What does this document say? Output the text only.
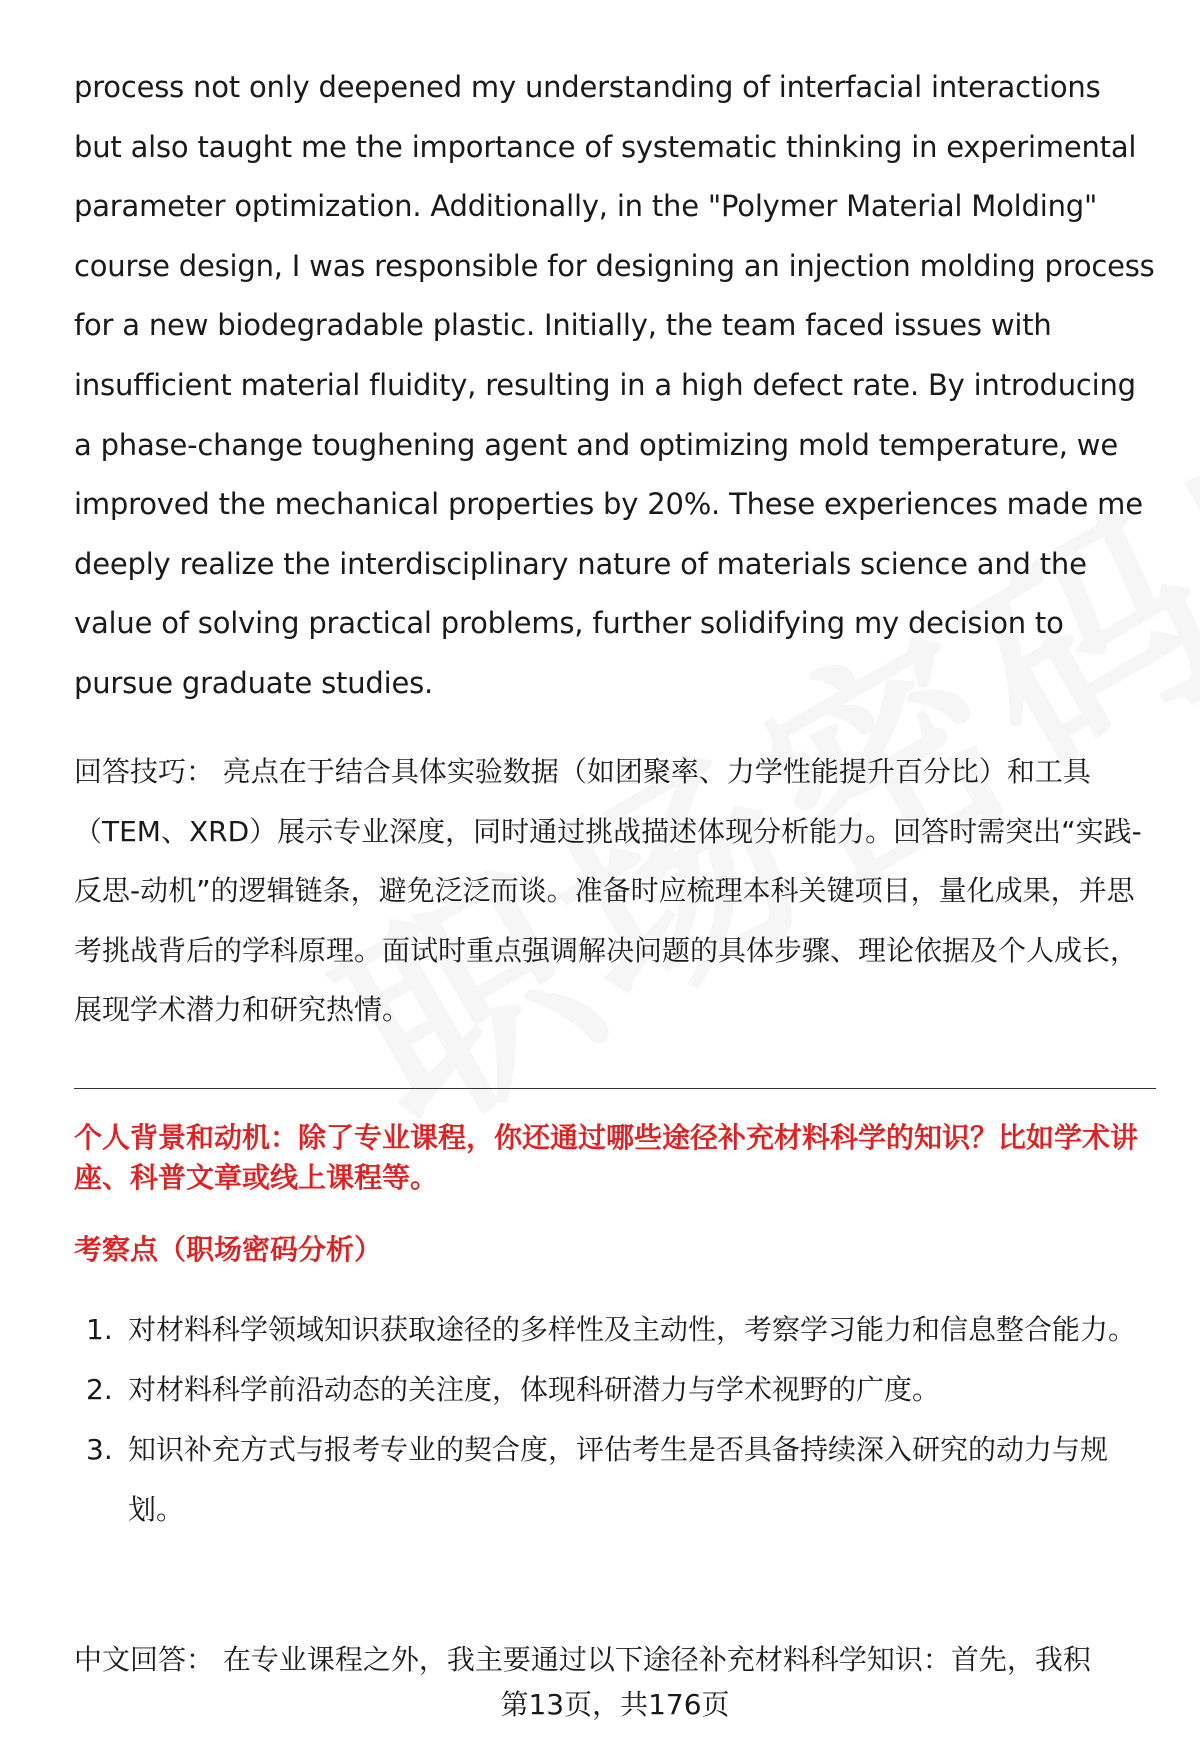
process not only deepened my understanding of interfacial interactions but also taught me the importance of systematic thinking in experimental parameter optimization. Additionally, in the "Polymer Material Molding" course design, I was responsible for designing an injection molding process for a new biodegradable plastic. Initially, the team faced issues with insufficient material fluidity, resulting in a high defect rate. By introducing a phase-change toughening agent and optimizing mold temperature, we improved the mechanical properties by 20%. These experiences made me deeply realize the interdisciplinary nature of materials science and the value of solving practical problems, further solidifying my decision to pursue graduate studies.

回答技巧： 亮点在于结合具体实验数据（如团聚率、力学性能提升百分比）和工具（TEM、XRD）展示专业深度，同时通过挑战描述体现分析能力。回答时需突出“实践-反思-动机”的逻辑链条，避免泛泛而谈。准备时应梳理本科关键项目，量化成果，并思考挑战背后的学科原理。面试时重点强调解决问题的具体步骤、理论依据及个人成长，展现学术潜力和研究热情。

个人背景和动机：除了专业课程，你还通过哪些途径补充材料科学的知识？比如学术讲座、科普文章或线上课程等。

考察点（职场密码分析）

1. 对材料科学领域知识获取途径的多样性及主动性，考察学习能力和信息整合能力。
2. 对材料科学前沿动态的关注度，体现科研潜力与学术视野的广度。
3. 知识补充方式与报考专业的契合度，评估考生是否具备持续深入研究的动力与规划。

中文回答： 在专业课程之外，我主要通过以下途径补充材料科学知识：首先，我积

第13页，共176页
